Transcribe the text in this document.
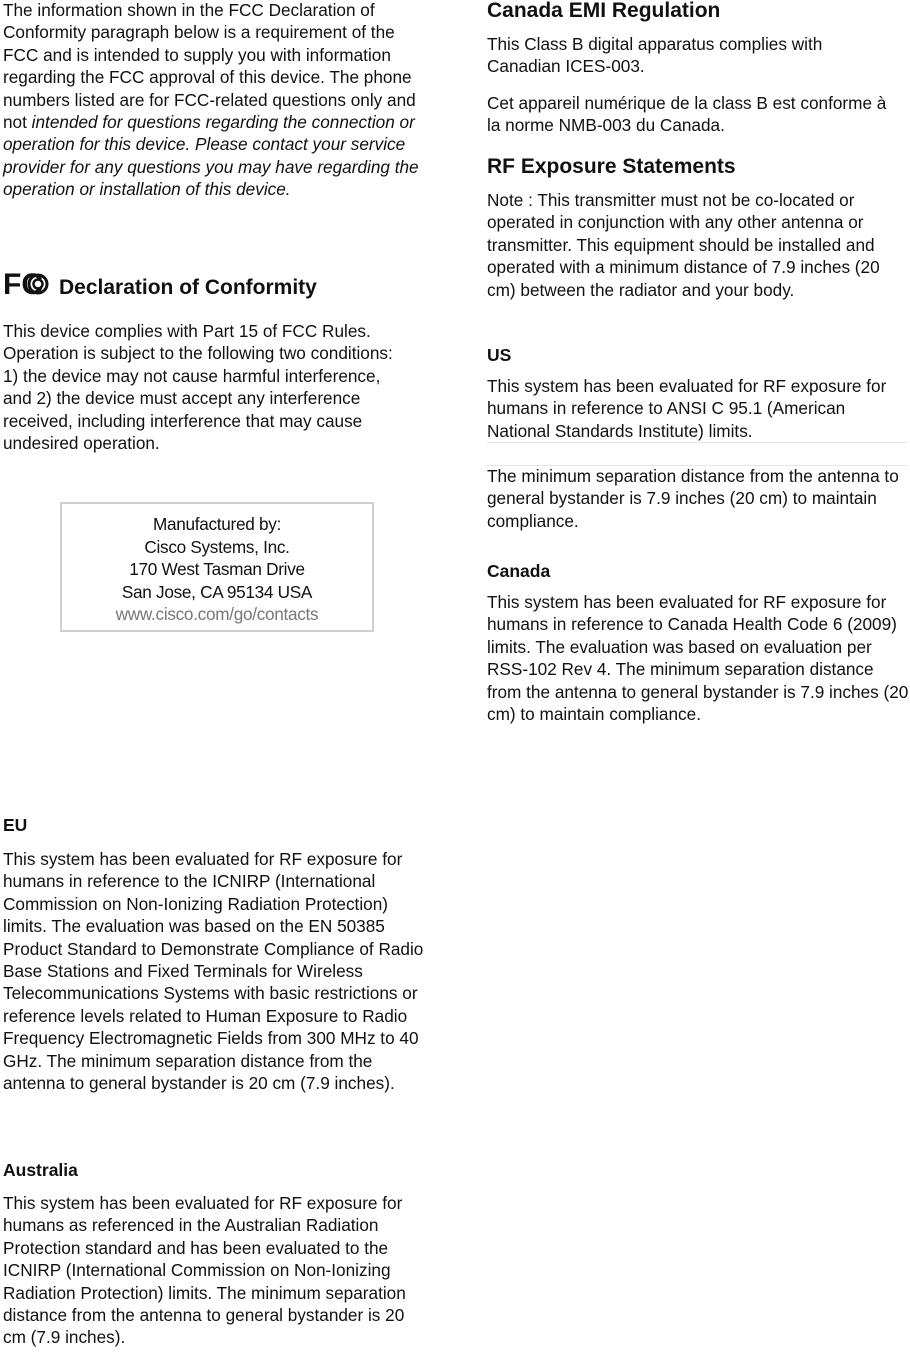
The information shown in the FCC Declaration of Conformity paragraph below is a requirement of the FCC and is intended to supply you with information regarding the FCC approval of this device. The phone numbers listed are for FCC-related questions only and not intended for questions regarding the connection or operation for this device. Please contact your service provider for any questions you may have regarding the operation or installation of this device.

FC Declaration of Conformity

This device complies with Part 15 of FCC Rules. Operation is subject to the following two conditions: 1) the device may not cause harmful interference, and 2) the device must accept any interference received, including interference that may cause undesired operation.

Manufactured by:

Cisco Systems, Inc.

170 West Tasman Drive

San Jose, CA 95134 USA

www.cisco.com/go/contacts

EU

This system has been evaluated for RF exposure for humans in reference to the ICNIRP (International Commission on Non-Ionizing Radiation Protection) limits. The evaluation was based on the EN 50385 Product Standard to Demonstrate Compliance of Radio Base Stations and Fixed Terminals for Wireless Telecommunications Systems with basic restrictions or reference levels related to Human Exposure to Radio Frequency Electromagnetic Fields from 300 MHz to 40 GHz. The minimum separation distance from the antenna to general bystander is 20 cm (7.9 inches).

Australia

This system has been evaluated for RF exposure for humans as referenced in the Australian Radiation Protection standard and has been evaluated to the ICNIRP (International Commission on Non-Ionizing Radiation Protection) limits. The minimum separation distance from the antenna to general bystander is 20 cm (7.9 inches).

Canada EMI Regulation

This Class B digital apparatus complies with Canadian ICES-003.

Cet appareil numérique de la class B est conforme à la norme NMB-003 du Canada.

RF Exposure Statements

Note : This transmitter must not be co-located or operated in conjunction with any other antenna or transmitter. This equipment should be installed and operated with a minimum distance of 7.9 inches (20 cm) between the radiator and your body.

US

This system has been evaluated for RF exposure for humans in reference to ANSI C 95.1 (American National Standards Institute) limits.

The minimum separation distance from the antenna to general bystander is 7.9 inches (20 cm) to maintain compliance.

Canada

This system has been evaluated for RF exposure for humans in reference to Canada Health Code 6 (2009) limits. The evaluation was based on evaluation per RSS-102 Rev 4. The minimum separation distance from the antenna to general bystander is 7.9 inches (20 cm) to maintain compliance.
